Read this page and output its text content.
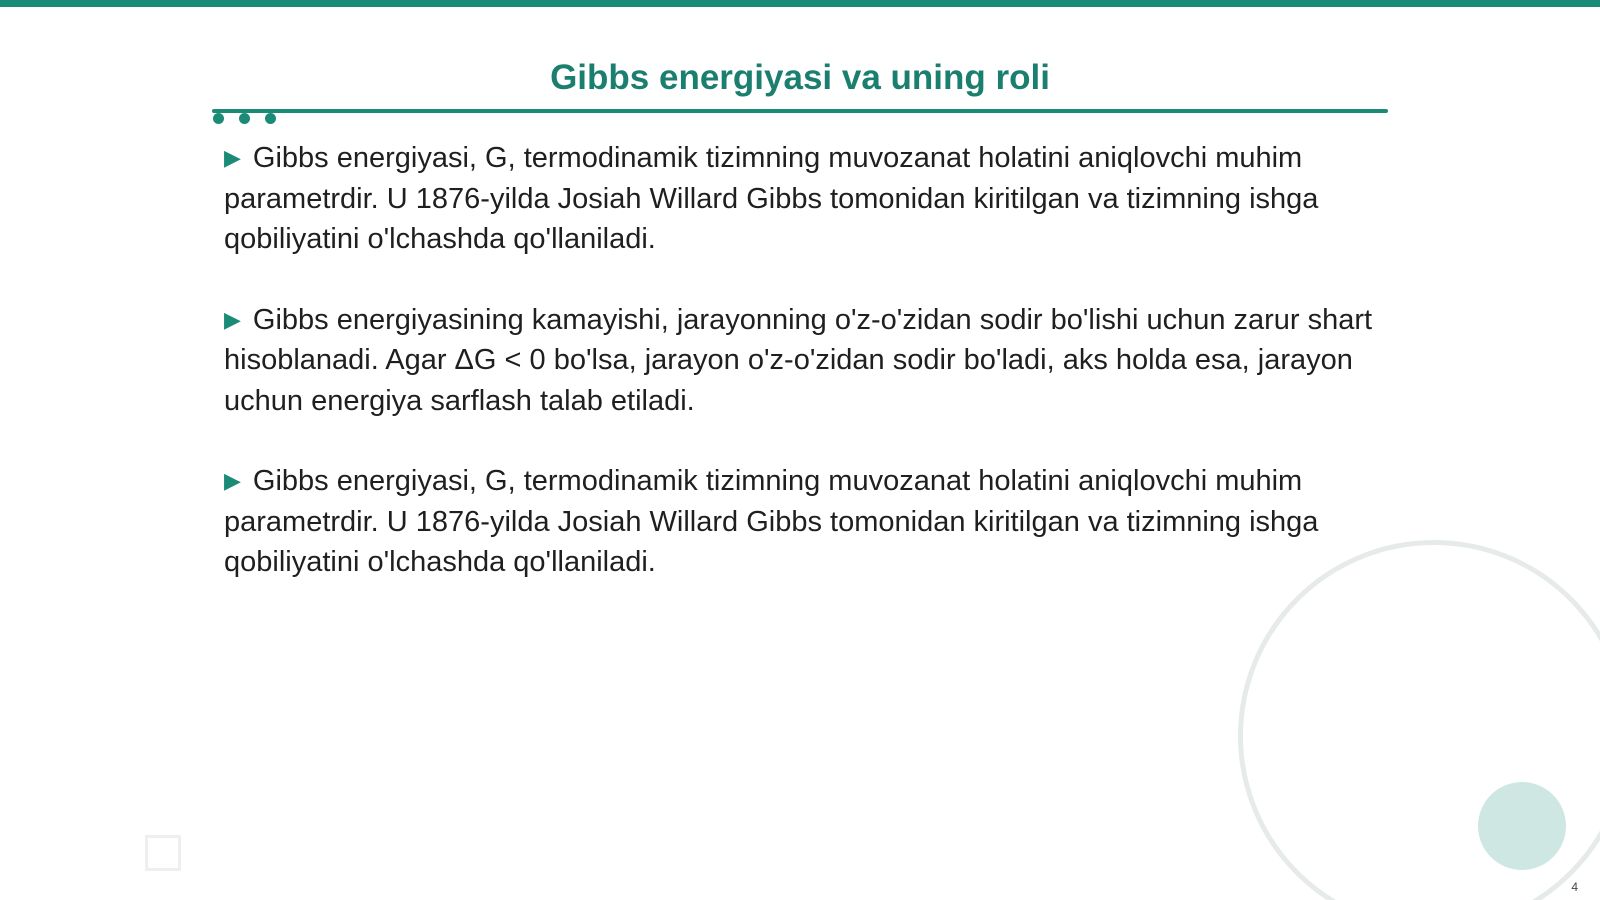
Gibbs energiyasi va uning roli
▶ Gibbs energiyasi, G, termodinamik tizimning muvozanat holatini aniqlovchi muhim parametrdir. U 1876-yilda Josiah Willard Gibbs tomonidan kiritilgan va tizimning ishga qobiliyatini o'lchashda qo'llaniladi.
▶ Gibbs energiyasining kamayishi, jarayonning o'z-o'zidan sodir bo'lishi uchun zarur shart hisoblanadi. Agar ΔG < 0 bo'lsa, jarayon o'z-o'zidan sodir bo'ladi, aks holda esa, jarayon uchun energiya sarflash talab etiladi.
▶ Gibbs energiyasi, G, termodinamik tizimning muvozanat holatini aniqlovchi muhim parametrdir. U 1876-yilda Josiah Willard Gibbs tomonidan kiritilgan va tizimning ishga qobiliyatini o'lchashda qo'llaniladi.
4
